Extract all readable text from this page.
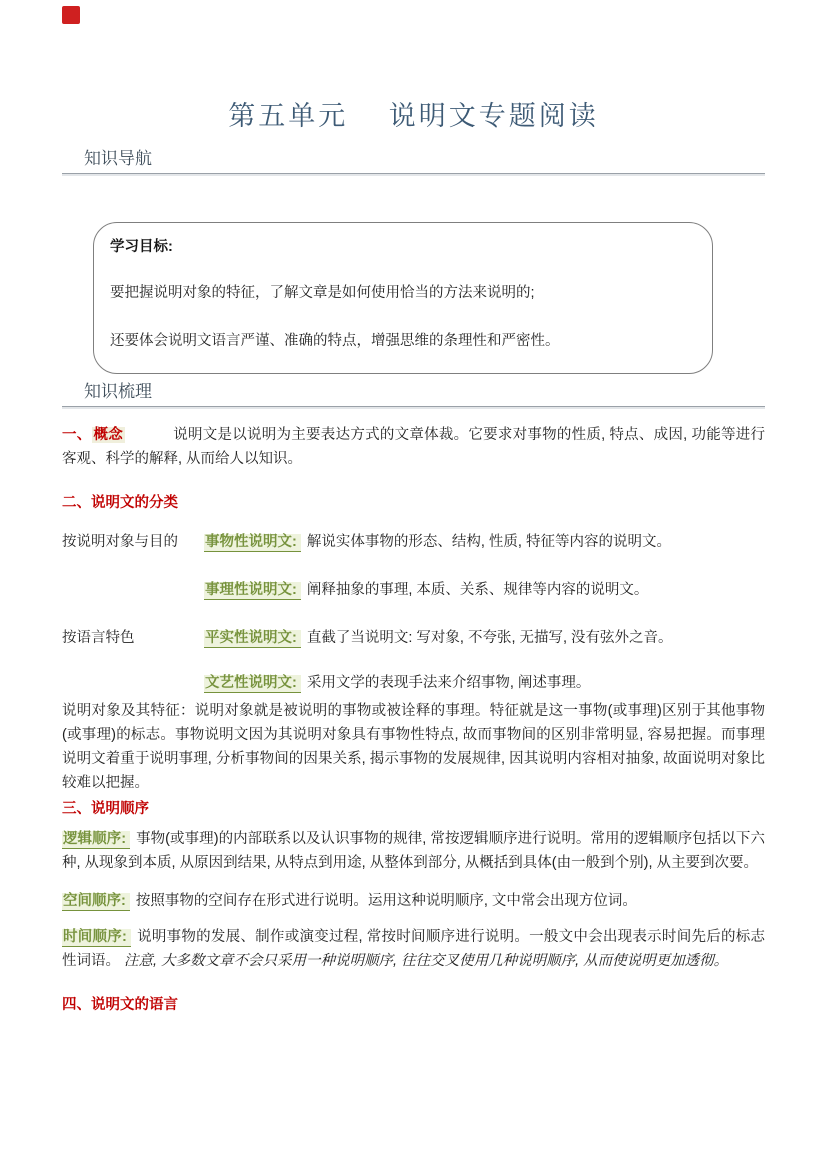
第五单元　 说明文专题阅读
知识导航

学习目标:

要把握说明对象的特征，了解文章是如何使用恰当的方法来说明的;

还要体会说明文语言严谨、准确的特点，增强思维的条理性和严密性。

知识梳理

一、 概念	说明文是以说明为主要表达方式的文章体裁。它要求对事物的性质, 特点、成因, 功能等进行客观、科学的解释, 从而给人以知识。

二、说明文的分类
按说明对象与目的	事物性说明文: 解说实体事物的形态、结构, 性质, 特征等内容的说明文。
事理性说明文: 阐释抽象的事理, 本质、关系、规律等内容的说明文。
按语言特色	平实性说明文: 直截了当说明文: 写对象, 不夸张, 无描写, 没有弦外之音。
文艺性说明文: 采用文学的表现手法来介绍事物, 阐述事理。

说明对象及其特征：说明对象就是被说明的事物或被诠释的事理。特征就是这一事物(或事理)区别于其他事物(或事理)的标志。事物说明文因为其说明对象具有事物性特点, 故而事物间的区别非常明显, 容易把握。而事理说明文着重于说明事理, 分析事物间的因果关系, 揭示事物的发展规律, 因其说明内容相对抽象, 故面说明对象比较难以把握。

三、说明顺序

逻辑顺序: 事物(或事理)的内部联系以及认识事物的规律, 常按逻辑顺序进行说明。常用的逻辑顺序包括以下六种, 从现象到本质, 从原因到结果, 从特点到用途, 从整体到部分, 从概括到具体(由一般到个别), 从主要到次要。

空间顺序: 按照事物的空间存在形式进行说明。运用这种说明顺序, 文中常会出现方位词。

时间顺序: 说明事物的发展、制作或演变过程, 常按时间顺序进行说明。一般文中会出现表示时间先后的标志性词语。 注意, 大多数文章不会只采用一种说明顺序, 往往交叉使用几种说明顺序, 从而使说明更加透彻。

四、说明文的语言
